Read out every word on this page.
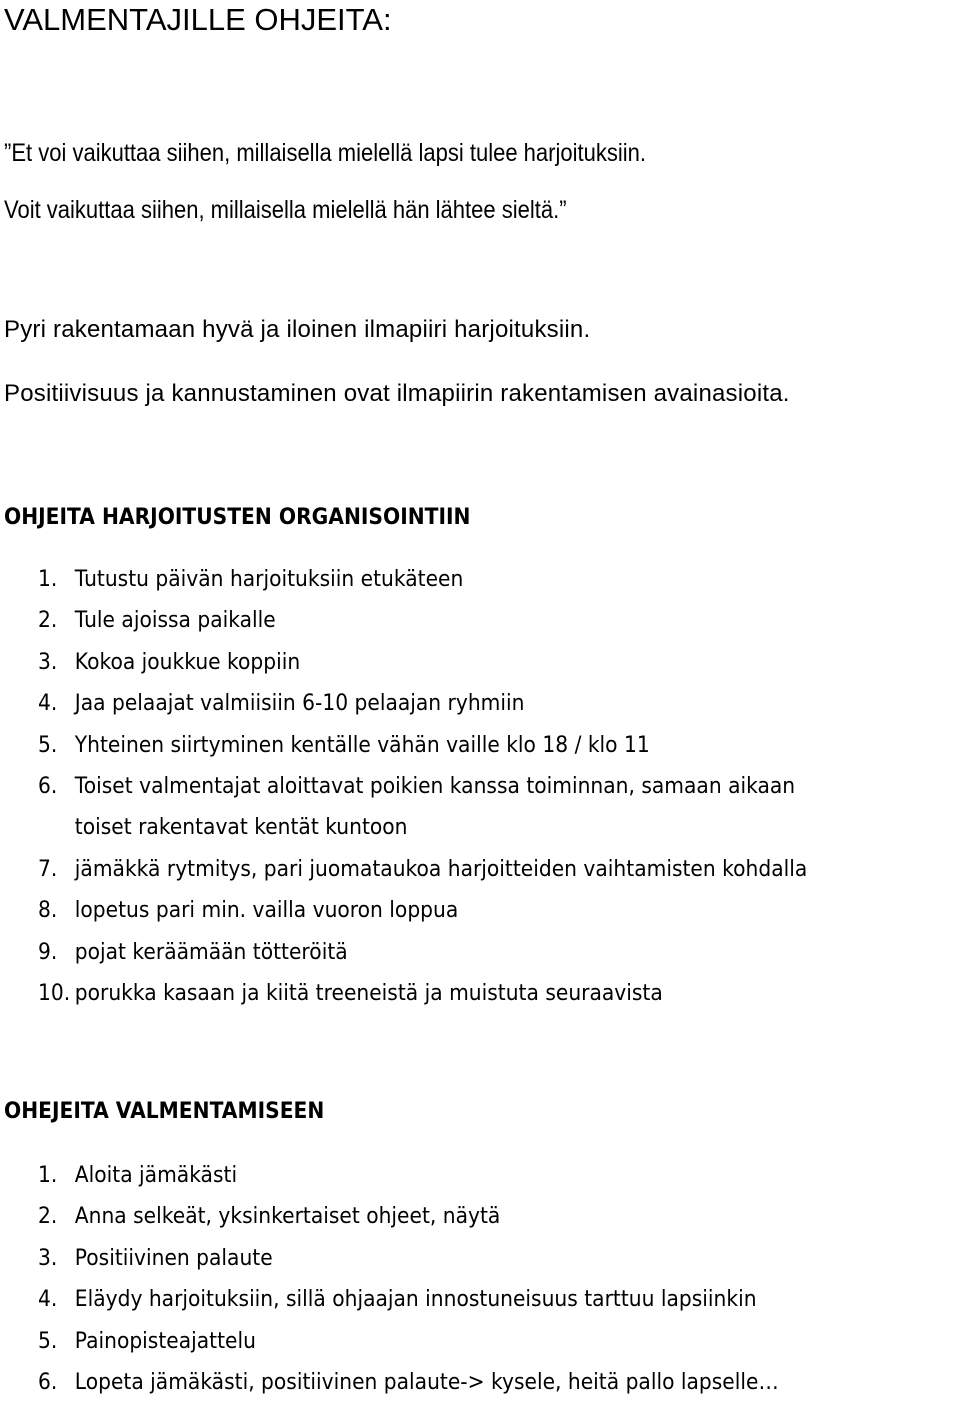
VALMENTAJILLE OHJEITA:

”Et voi vaikuttaa siihen, millaisella mielellä lapsi tulee harjoituksiin.

Voit vaikuttaa siihen, millaisella mielellä hän lähtee sieltä.”

Pyri rakentamaan hyvä ja iloinen ilmapiiri harjoituksiin.

Positiivisuus ja kannustaminen ovat ilmapiirin rakentamisen avainasioita.

OHJEITA HARJOITUSTEN ORGANISOINTIIN
1. Tutustu päivän harjoituksiin etukäteen
2. Tule ajoissa paikalle
3. Kokoa joukkue koppiin
4. Jaa pelaajat valmiisiin 6-10 pelaajan ryhmiin
5. Yhteinen siirtyminen kentälle vähän vaille klo 18 / klo 11
6. Toiset valmentajat aloittavat poikien kanssa toiminnan, samaan aikaan
toiset rakentavat kentät kuntoon
7. jämäkkä rytmitys, pari juomataukoa harjoitteiden vaihtamisten kohdalla
8. lopetus pari min. vailla vuoron loppua
9. pojat keräämään tötteröitä
10. porukka kasaan ja kiitä treeneistä ja muistuta seuraavista
OHEJEITA VALMENTAMISEEN
1. Aloita jämäkästi
2. Anna selkeät, yksinkertaiset ohjeet, näytä
3. Positiivinen palaute
4. Eläydy harjoituksiin, sillä ohjaajan innostuneisuus tarttuu lapsiinkin
5. Painopisteajattelu
6. Lopeta jämäkästi, positiivinen palaute-> kysele, heitä pallo lapselle…
